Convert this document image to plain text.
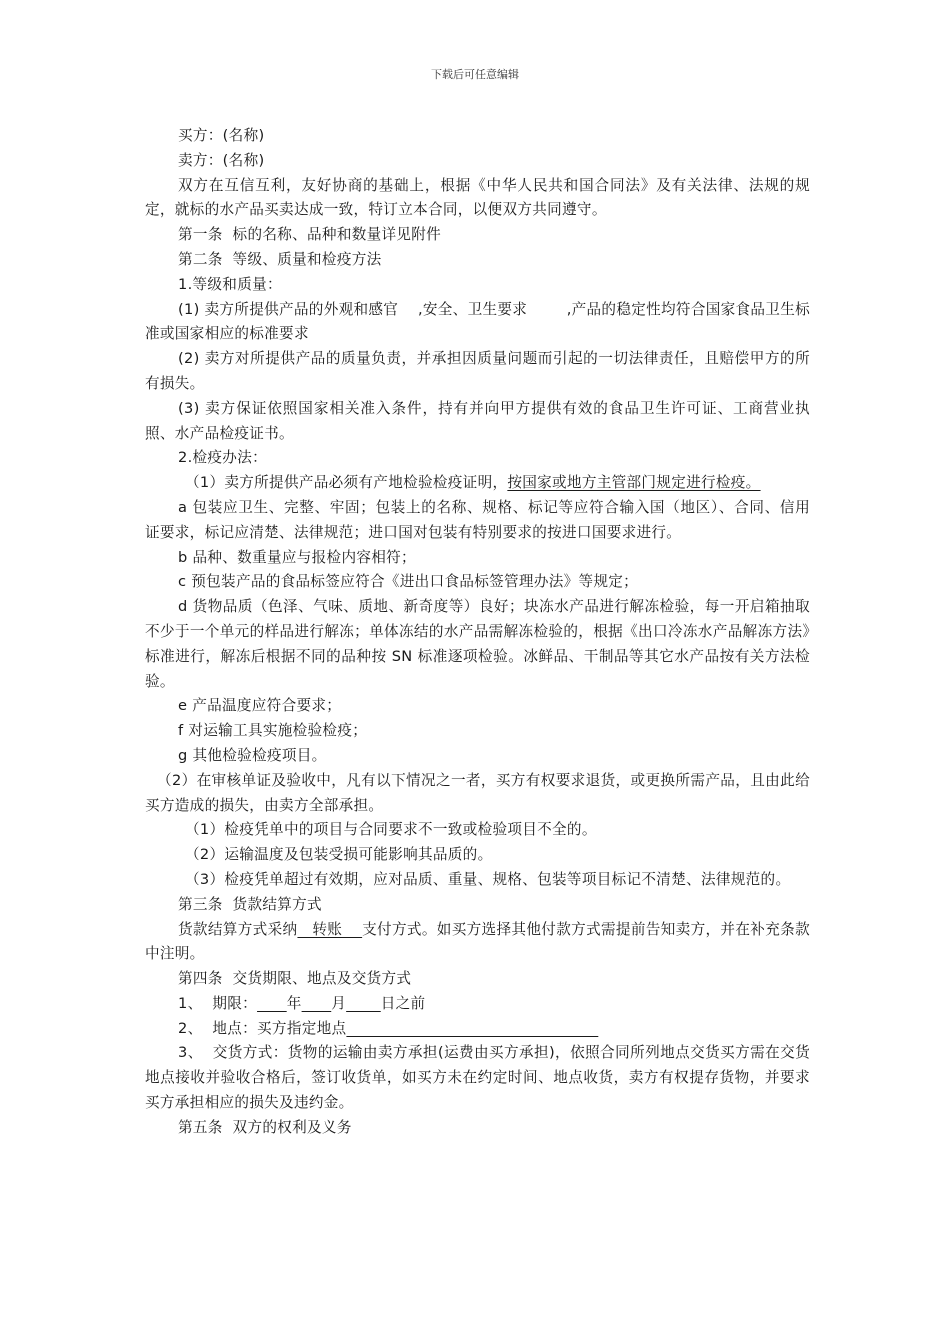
下载后可任意编辑

买方：(名称)

卖方：(名称)

双方在互信互利，友好协商的基础上，根据《中华人民共和国合同法》及有关法律、法规的规定，就标的水产品买卖达成一致，特订立本合同，以便双方共同遵守。

第一条  标的名称、品种和数量详见附件

第二条  等级、质量和检疫方法

1.等级和质量：

(1) 卖方所提供产品的外观和感官    ,安全、卫生要求        ,产品的稳定性均符合国家食品卫生标准或国家相应的标准要求

(2) 卖方对所提供产品的质量负责，并承担因质量问题而引起的一切法律责任，且赔偿甲方的所有损失。

(3) 卖方保证依照国家相关准入条件，持有并向甲方提供有效的食品卫生许可证、工商营业执照、水产品检疫证书。

2.检疫办法：

（1）卖方所提供产品必须有产地检验检疫证明，按国家或地方主管部门规定进行检疫。

a 包装应卫生、完整、牢固；包装上的名称、规格、标记等应符合输入国（地区）、合同、信用证要求，标记应清楚、法律规范；进口国对包装有特别要求的按进口国要求进行。

b 品种、数重量应与报检内容相符；

c 预包装产品的食品标签应符合《进出口食品标签管理办法》等规定；

d 货物品质（色泽、气味、质地、新奇度等）良好；块冻水产品进行解冻检验，每一开启箱抽取不少于一个单元的样品进行解冻；单体冻结的水产品需解冻检验的，根据《出口冷冻水产品解冻方法》标准进行，解冻后根据不同的品种按 SN 标准逐项检验。冰鲜品、干制品等其它水产品按有关方法检验。

e 产品温度应符合要求；

f 对运输工具实施检验检疫；

g 其他检验检疫项目。

（2）在审核单证及验收中，凡有以下情况之一者，买方有权要求退货，或更换所需产品，且由此给买方造成的损失，由卖方全部承担。

（1）检疫凭单中的项目与合同要求不一致或检验项目不全的。

（2）运输温度及包装受损可能影响其品质的。

（3）检疫凭单超过有效期，应对品质、重量、规格、包装等项目标记不清楚、法律规范的。

第三条  货款结算方式

货款结算方式采纳   转账    支付方式。如买方选择其他付款方式需提前告知卖方，并在补充条款中注明。

第四条  交货期限、地点及交货方式

1、  期限： 年 月 日之前

2、  地点：买方指定地点

3、  交货方式：货物的运输由卖方承担(运费由买方承担)，依照合同所列地点交货买方需在交货地点接收并验收合格后，签订收货单，如买方未在约定时间、地点收货，卖方有权提存货物，并要求买方承担相应的损失及违约金。

第五条  双方的权利及义务
